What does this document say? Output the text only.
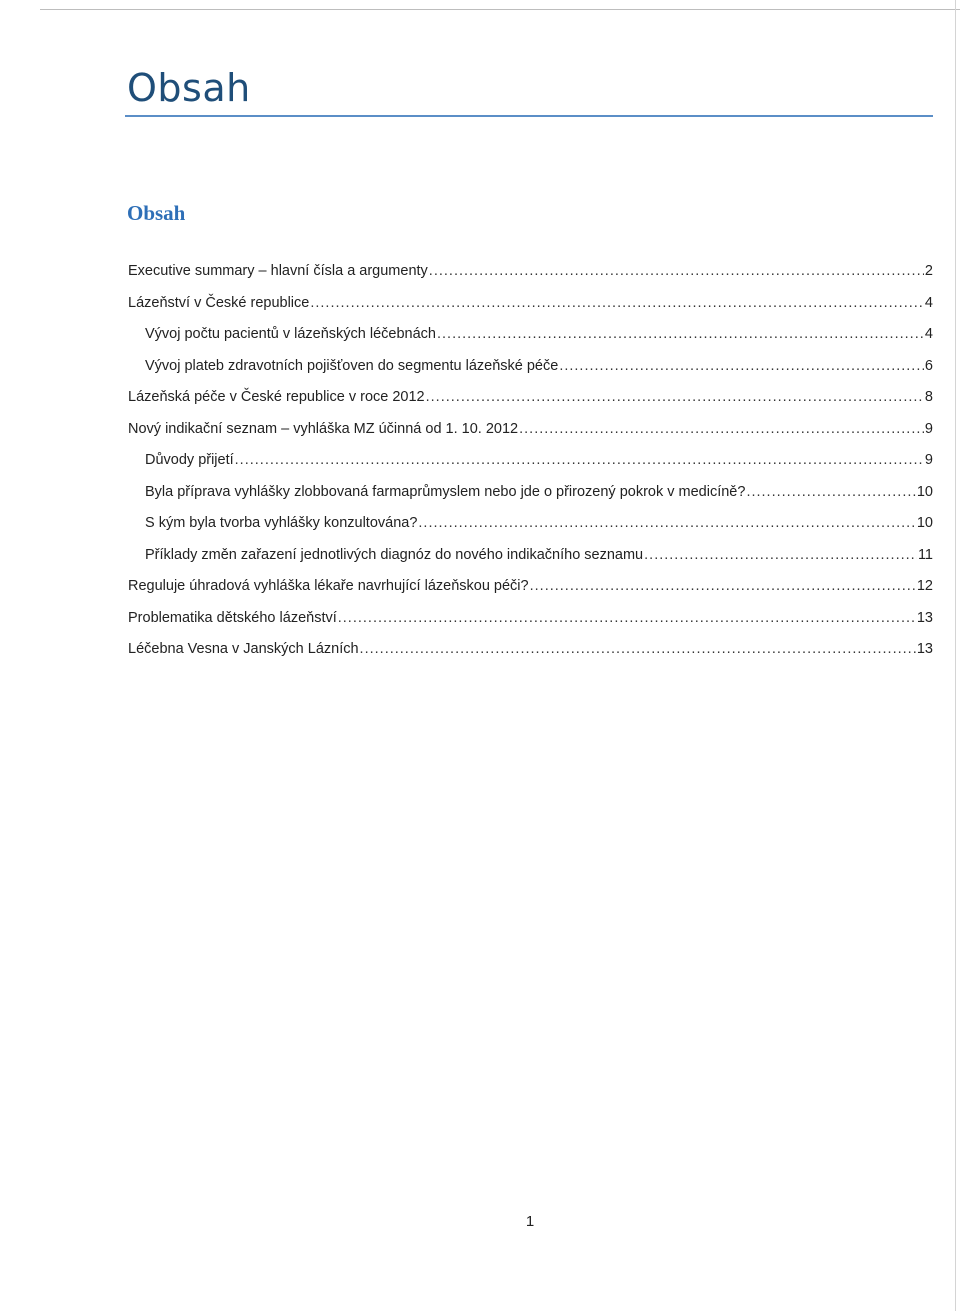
Obsah
Obsah
Executive summary – hlavní čísla a argumenty .....	2
Lázeňství v České republice .....	4
Vývoj počtu pacientů v lázeňských léčebnách .....	4
Vývoj plateb zdravotních pojišťoven do segmentu lázeňské péče .....	6
Lázeňská péče v České republice v roce 2012 .....	8
Nový indikační seznam – vyhláška MZ účinná od 1. 10. 2012 .....	9
Důvody přijetí .....	9
Byla příprava vyhlášky zlobbovaná farmaprůmyslem nebo jde o přirozený pokrok v medicíně? .....	10
S kým byla tvorba vyhlášky konzultována? .....	10
Příklady změn zařazení jednotlivých diagnóz do nového indikačního seznamu .....	11
Reguluje úhradová vyhláška lékaře navrhující lázeňskou péči? .....	12
Problematika dětského lázeňství .....	13
Léčebna Vesna v Janských Lázních .....	13
1
